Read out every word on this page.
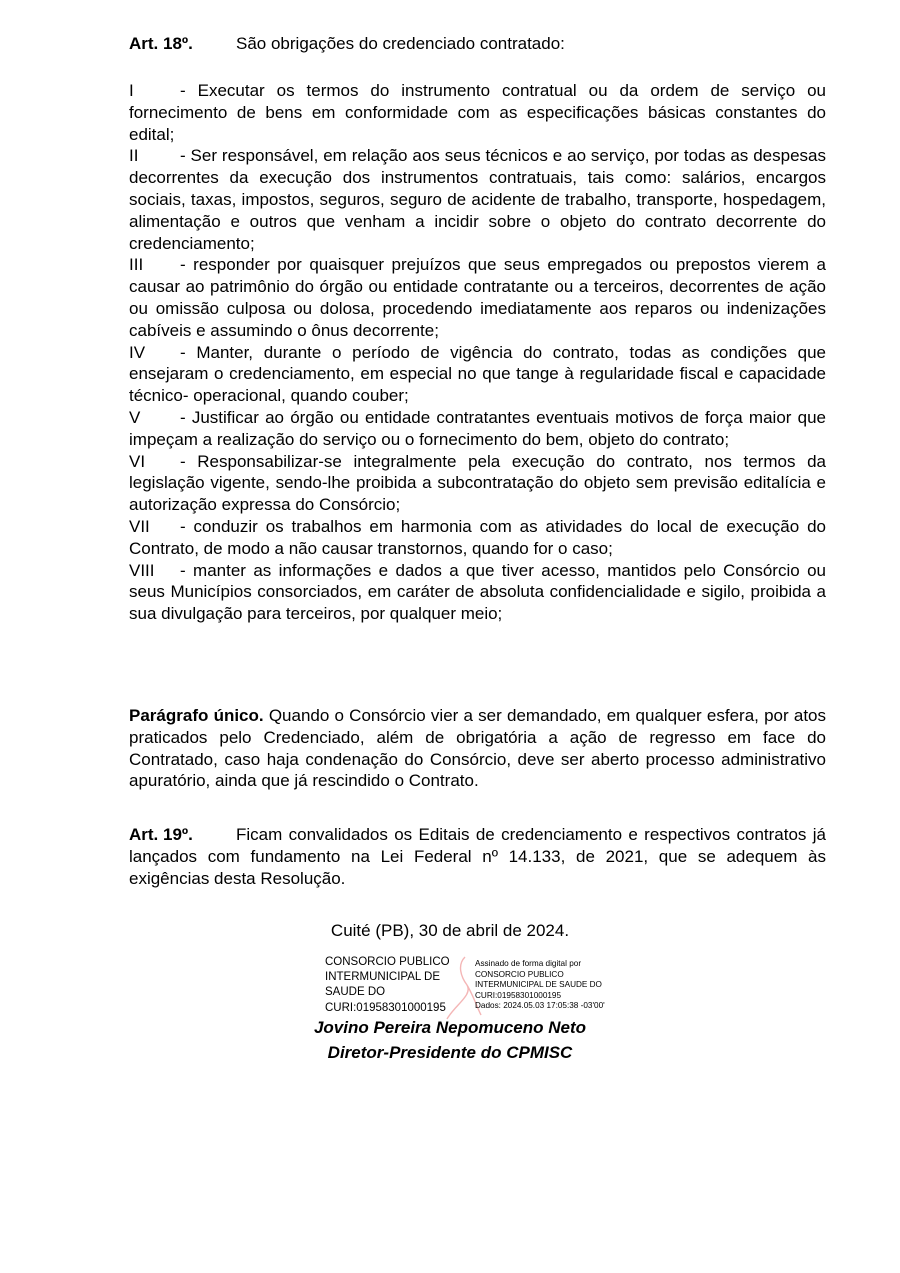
Art. 18º.	São obrigações do credenciado contratado:
I	- Executar os termos do instrumento contratual ou da ordem de serviço ou fornecimento de bens em conformidade com as especificações básicas constantes do edital;
II - Ser responsável, em relação aos seus técnicos e ao serviço, por todas as despesas decorrentes da execução dos instrumentos contratuais, tais como: salários, encargos sociais, taxas, impostos, seguros, seguro de acidente de trabalho, transporte, hospedagem, alimentação e outros que venham a incidir sobre o objeto do contrato decorrente do credenciamento;
III - responder por quaisquer prejuízos que seus empregados ou prepostos vierem a causar ao patrimônio do órgão ou entidade contratante ou a terceiros, decorrentes de ação ou omissão culposa ou dolosa, procedendo imediatamente aos reparos ou indenizações cabíveis e assumindo o ônus decorrente;
IV - Manter, durante o período de vigência do contrato, todas as condições que ensejaram o credenciamento, em especial no que tange à regularidade fiscal e capacidade técnico- operacional, quando couber;
V - Justificar ao órgão ou entidade contratantes eventuais motivos de força maior que impeçam a realização do serviço ou o fornecimento do bem, objeto do contrato;
VI - Responsabilizar-se integralmente pela execução do contrato, nos termos da legislação vigente, sendo-lhe proibida a subcontratação do objeto sem previsão editalícia e autorização expressa do Consórcio;
VII - conduzir os trabalhos em harmonia com as atividades do local de execução do Contrato, de modo a não causar transtornos, quando for o caso;
VIII - manter as informações e dados a que tiver acesso, mantidos pelo Consórcio ou seus Municípios consorciados, em caráter de absoluta confidencialidade e sigilo, proibida a sua divulgação para terceiros, por qualquer meio;
Parágrafo único. Quando o Consórcio vier a ser demandado, em qualquer esfera, por atos praticados pelo Credenciado, além de obrigatória a ação de regresso em face do Contratado, caso haja condenação do Consórcio, deve ser aberto processo administrativo apuratório, ainda que já rescindido o Contrato.
Art. 19º.	Ficam convalidados os Editais de credenciamento e respectivos contratos já lançados com fundamento na Lei Federal nº 14.133, de 2021, que se adequem às exigências desta Resolução.
Cuité (PB), 30 de abril de 2024.
CONSORCIO PUBLICO
INTERMUNICIPAL DE
SAUDE DO
CURI:01958301000195
Assinado de forma digital por
CONSORCIO PUBLICO
INTERMUNICIPAL DE SAUDE DO
CURI:01958301000195
Dados: 2024.05.03 17:05:38 -03'00'
Jovino Pereira Nepomuceno Neto
Diretor-Presidente do CPMISC
